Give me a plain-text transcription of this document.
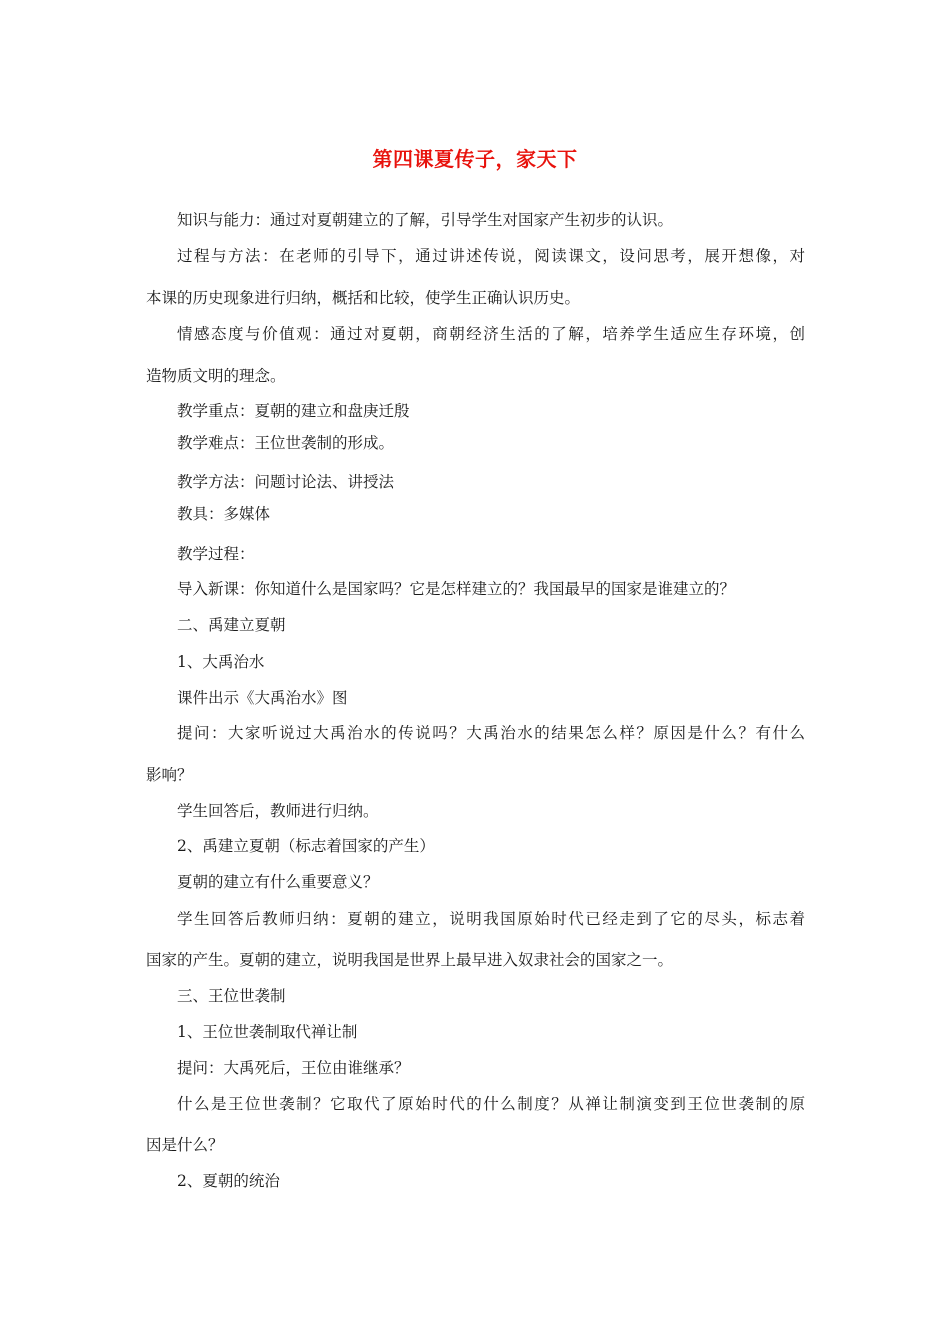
第四课夏传子，家天下
知识与能力：通过对夏朝建立的了解，引导学生对国家产生初步的认识。
过程与方法：在老师的引导下，通过讲述传说，阅读课文，设问思考，展开想像，对
本课的历史现象进行归纳，概括和比较，使学生正确认识历史。
情感态度与价值观：通过对夏朝，商朝经济生活的了解，培养学生适应生存环境，创
造物质文明的理念。
教学重点：夏朝的建立和盘庚迁殷
教学难点：王位世袭制的形成。
教学方法：问题讨论法、讲授法
教具：多媒体
教学过程：
导入新课：你知道什么是国家吗？它是怎样建立的？我国最早的国家是谁建立的？
二、禹建立夏朝
1、大禹治水
课件出示《大禹治水》图
提问：大家听说过大禹治水的传说吗？大禹治水的结果怎么样？原因是什么？有什么
影响？
学生回答后，教师进行归纳。
2、禹建立夏朝（标志着国家的产生）
夏朝的建立有什么重要意义？
学生回答后教师归纳：夏朝的建立，说明我国原始时代已经走到了它的尽头，标志着
国家的产生。夏朝的建立，说明我国是世界上最早进入奴隶社会的国家之一。
三、王位世袭制
1、王位世袭制取代禅让制
提问：大禹死后，王位由谁继承？
什么是王位世袭制？它取代了原始时代的什么制度？从禅让制演变到王位世袭制的原
因是什么？
2、夏朝的统治
